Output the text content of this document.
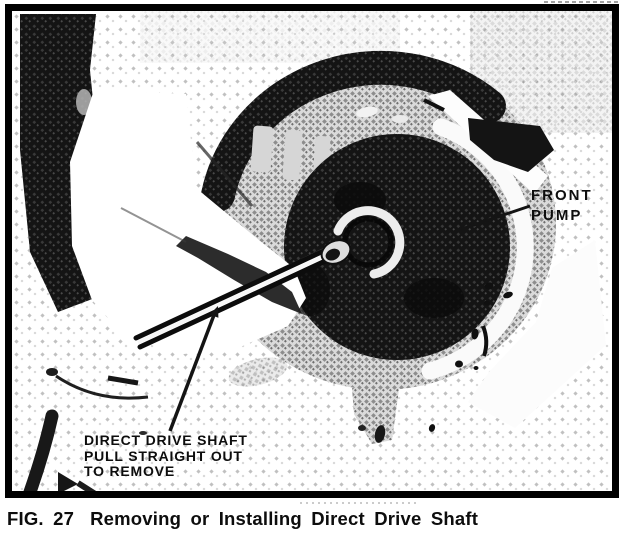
FRONT
PUMP
DIRECT DRIVE SHAFT
PULL STRAIGHT OUT
TO REMOVE
FIG. 27 Removing or Installing Direct Drive Shaft
